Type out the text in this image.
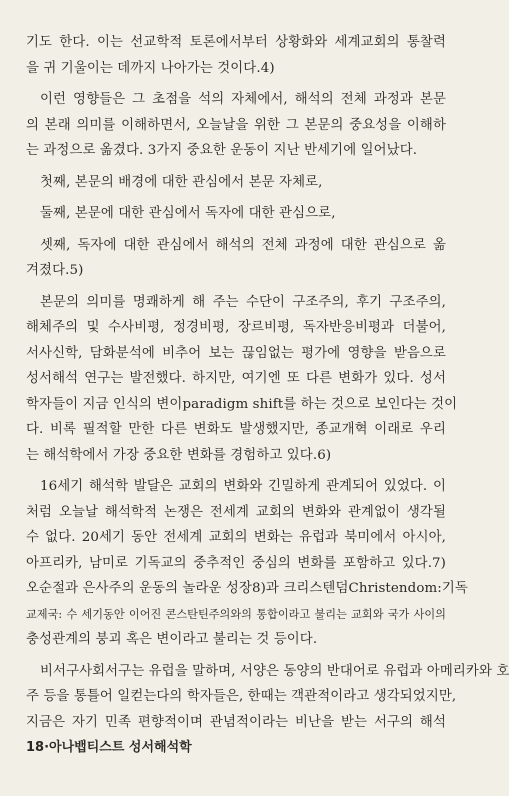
기도 한다. 이는 선교학적 토론에서부터 상황화와 세계교회의 통찰력
을 귀 기울이는 데까지 나아가는 것이다.4)
이런 영향들은 그 초점을 석의 자체에서, 해석의 전체 과정과 본문
의 본래 의미를 이해하면서, 오늘날을 위한 그 본문의 중요성을 이해하
는 과정으로 옮겼다. 3가지 중요한 운동이 지난 반세기에 일어났다.
첫째, 본문의 배경에 대한 관심에서 본문 자체로,
둘째, 본문에 대한 관심에서 독자에 대한 관심으로,
셋째, 독자에 대한 관심에서 해석의 전체 과정에 대한 관심으로 옮
겨졌다.5)
본문의 의미를 명쾌하게 해 주는 수단이 구조주의, 후기 구조주의,
해체주의 및 수사비평, 정경비평, 장르비평, 독자반응비평과 더불어,
서사신학, 담화분석에 비추어 보는 끊임없는 평가에 영향을 받음으로
성서해석 연구는 발전했다. 하지만, 여기엔 또 다른 변화가 있다. 성서
학자들이 지금 인식의 변이paradigm shift를 하는 것으로 보인다는 것이
다. 비록 필적할 만한 다른 변화도 발생했지만, 종교개혁 이래로 우리
는 해석학에서 가장 중요한 변화를 경험하고 있다.6)
16세기 해석학 발달은 교회의 변화와 긴밀하게 관계되어 있었다. 이
처럼 오늘날 해석학적 논쟁은 전세계 교회의 변화와 관계없이 생각될
수 없다. 20세기 동안 전세계 교회의 변화는 유럽과 북미에서 아시아,
아프리카, 남미로 기독교의 중추적인 중심의 변화를 포함하고 있다.7)
오순절과 은사주의 운동의 놀라운 성장8)과 크리스텐덤Christendom:기독
교제국: 수 세기동안 이어진 콘스탄틴주의와의 통합이라고 불리는 교회와 국가 사이의
충성관계의 붕괴 혹은 변이라고 불리는 것 등이다.
비서구사회서구는 유럽을 말하며, 서양은 동양의 반대어로 유럽과 아메리카와 호
주 등을 통틀어 일컫는다의 학자들은, 한때는 객관적이라고 생각되었지만,
지금은 자기 민족 편향적이며 관념적이라는 비난을 받는 서구의 해석
18·아나뱁티스트 성서해석학
